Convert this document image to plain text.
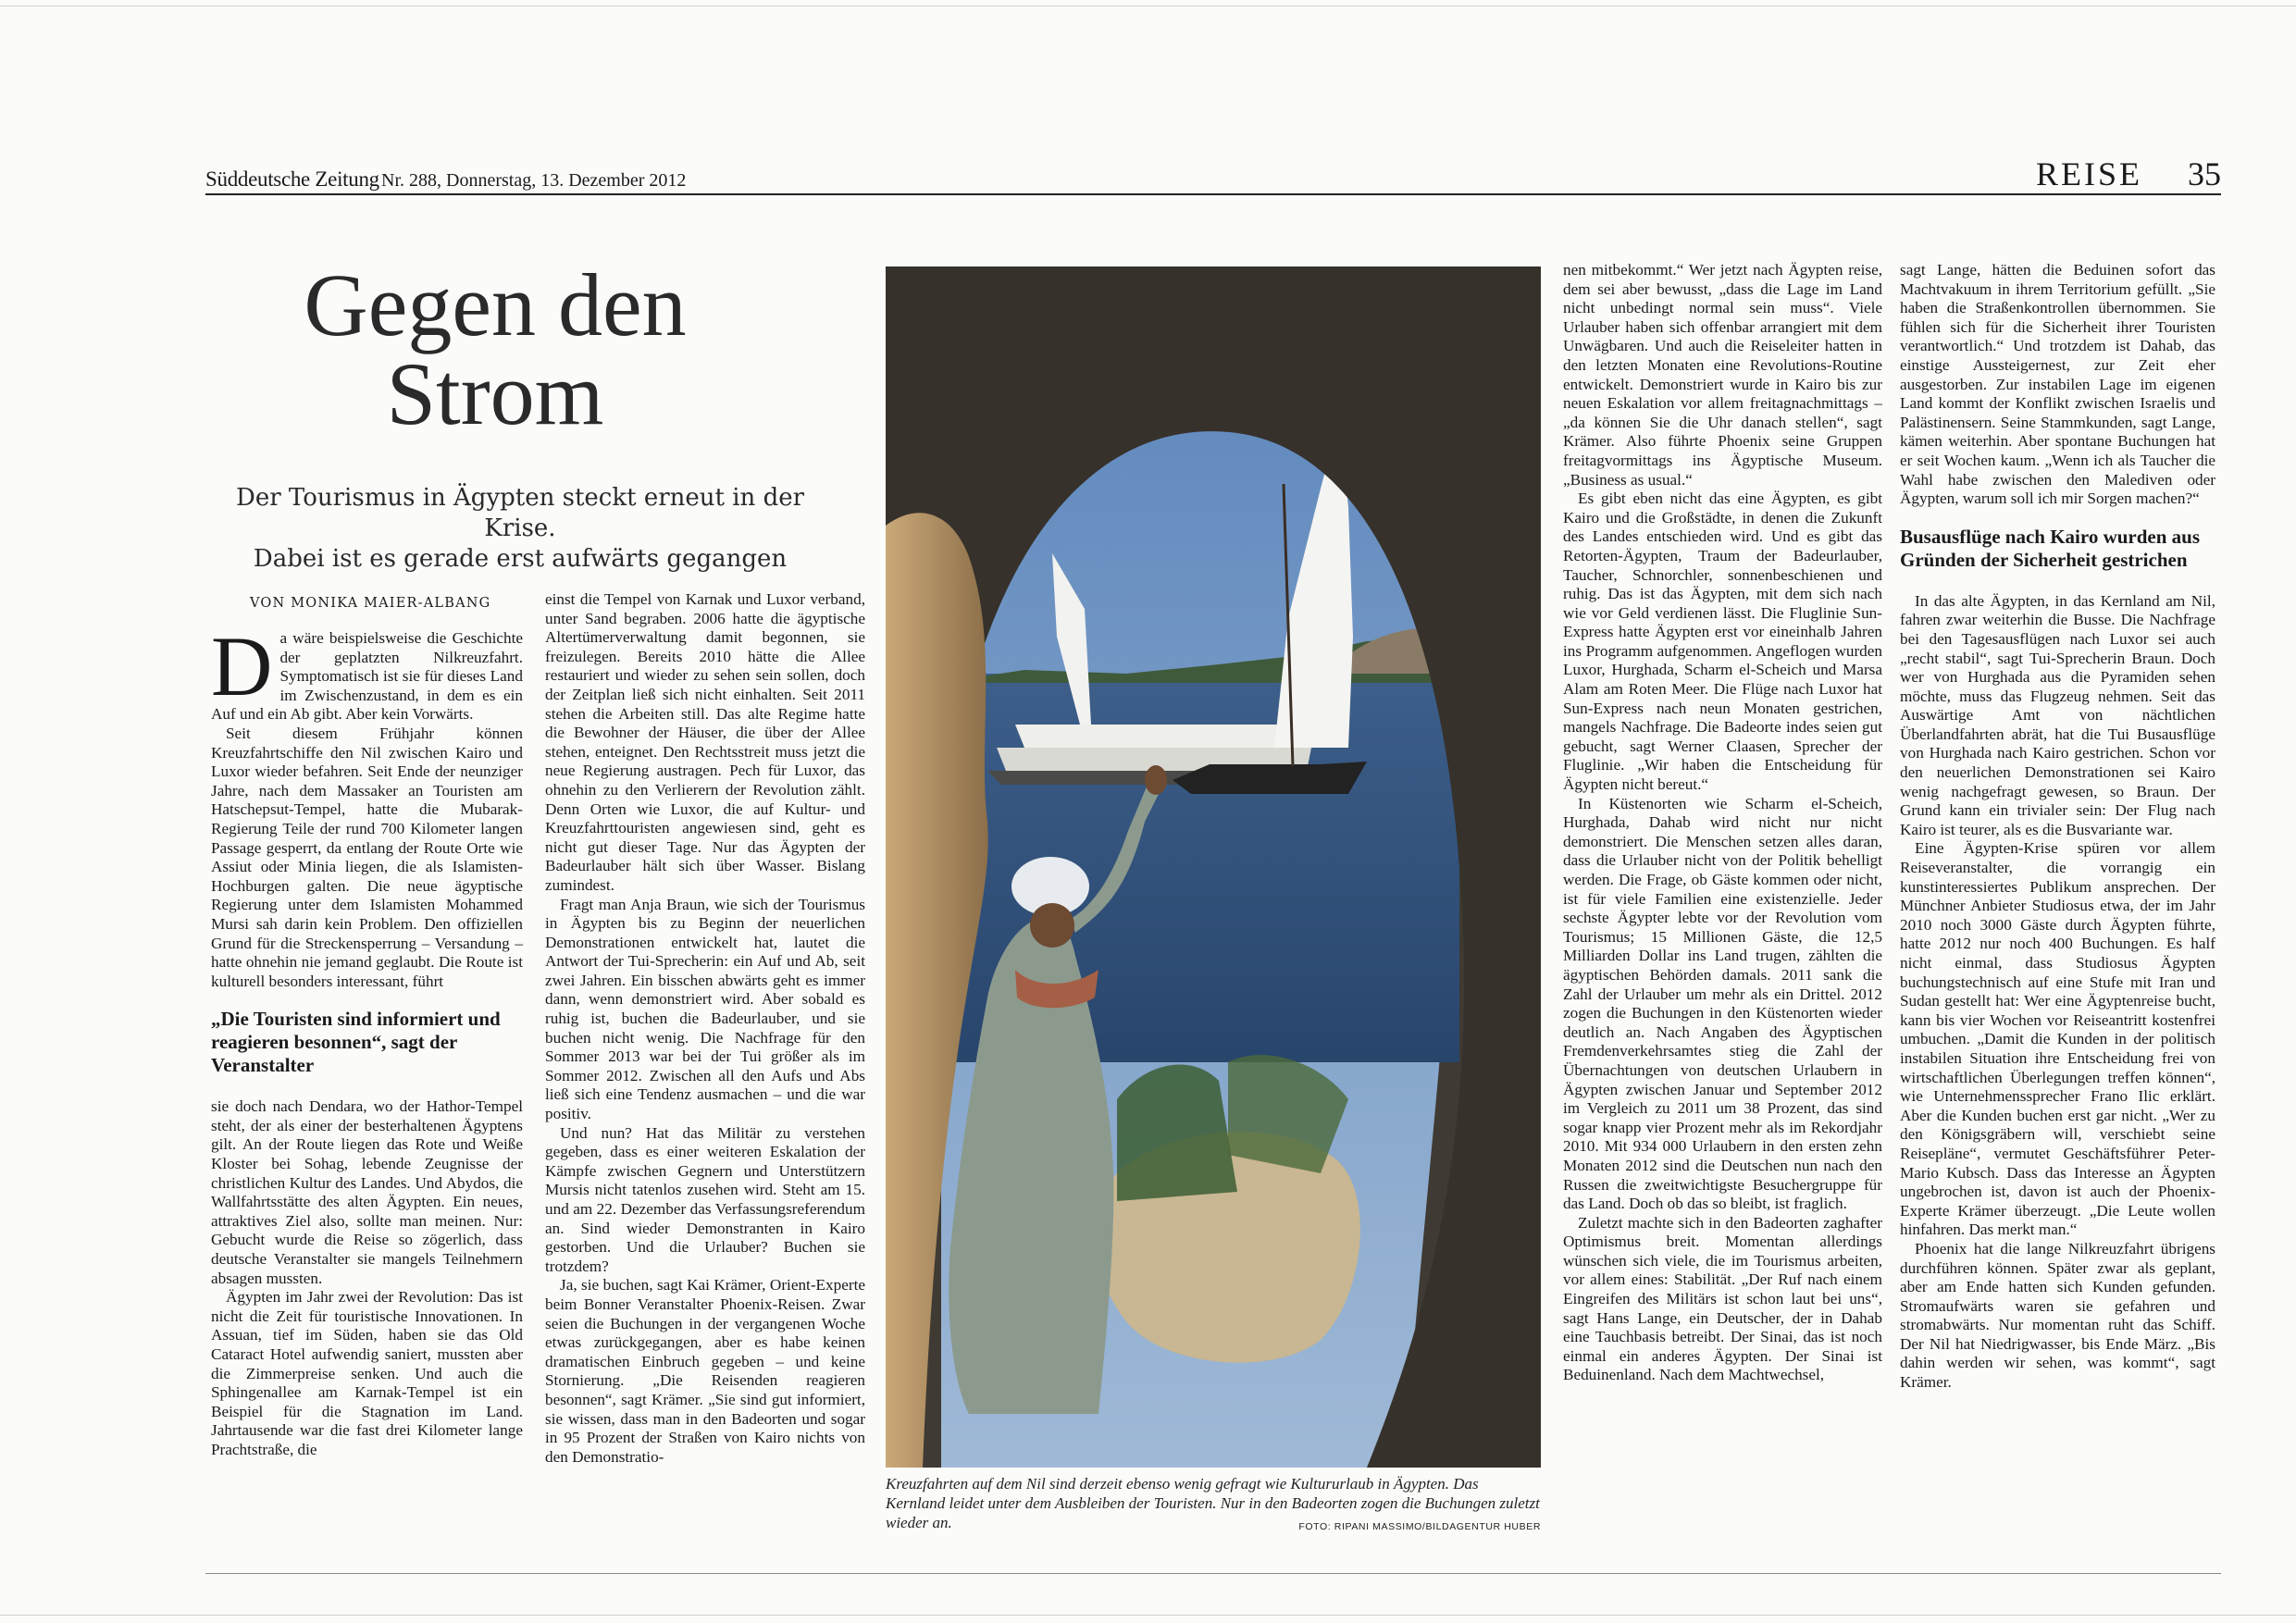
Süddeutsche Zeitung Nr. 288, Donnerstag, 13. Dezember 2012	REISE 35
Gegen den
Strom
Der Tourismus in Ägypten steckt erneut in der Krise.
Dabei ist es gerade erst aufwärts gegangen
VON MONIKA MAIER-ALBANG
D a wäre beispielsweise die Geschichte der geplatzten Nilkreuzfahrt. Symptomatisch ist sie für dieses Land im Zwischenzustand, in dem es ein Auf und ein Ab gibt. Aber kein Vorwärts.

Seit diesem Frühjahr können Kreuzfahrtschiffe den Nil zwischen Kairo und Luxor wieder befahren. Seit Ende der neunziger Jahre, nach dem Massaker an Touristen am Hatschepsut-Tempel, hatte die Mubarak-Regierung Teile der rund 700 Kilometer langen Passage gesperrt, da entlang der Route Orte wie Assiut oder Minia liegen, die als Islamisten-Hochburgen galten. Die neue ägyptische Regierung unter dem Islamisten Mohammed Mursi sah darin kein Problem. Den offiziellen Grund für die Streckensperrung – Versandung – hatte ohnehin nie jemand geglaubt. Die Route ist kulturell besonders interessant, führt

„Die Touristen sind informiert und reagieren besonnen“, sagt der Veranstalter

sie doch nach Dendara, wo der Hathor-Tempel steht, der als einer der besterhaltenen Ägyptens gilt. An der Route liegen das Rote und Weiße Kloster bei Sohag, lebende Zeugnisse der christlichen Kultur des Landes. Und Abydos, die Wallfahrtsstätte des alten Ägypten. Ein neues, attraktives Ziel also, sollte man meinen. Nur: Gebucht wurde die Reise so zögerlich, dass deutsche Veranstalter sie mangels Teilnehmern absagen mussten.

Ägypten im Jahr zwei der Revolution: Das ist nicht die Zeit für touristische Innovationen. In Assuan, tief im Süden, haben sie das Old Cataract Hotel aufwendig saniert, mussten aber die Zimmerpreise senken. Und auch die Sphingenallee am Karnak-Tempel ist ein Beispiel für die Stagnation im Land. Jahrtausende war die fast drei Kilometer lange Prachtstraße, die

einst die Tempel von Karnak und Luxor verband, unter Sand begraben. 2006 hatte die ägyptische Altertümerverwaltung damit begonnen, sie freizulegen. Bereits 2010 hätte die Allee restauriert und wieder zu sehen sein sollen, doch der Zeitplan ließ sich nicht einhalten. Seit 2011 stehen die Arbeiten still. Das alte Regime hatte die Bewohner der Häuser, die über der Allee stehen, enteignet. Den Rechtsstreit muss jetzt die neue Regierung austragen. Pech für Luxor, das ohnehin zu den Verlierern der Revolution zählt. Denn Orten wie Luxor, die auf Kultur- und Kreuzfahrttouristen angewiesen sind, geht es nicht gut dieser Tage. Nur das Ägypten der Badeurlauber hält sich über Wasser. Bislang zumindest.

Fragt man Anja Braun, wie sich der Tourismus in Ägypten bis zu Beginn der neuerlichen Demonstrationen entwickelt hat, lautet die Antwort der Tui-Sprecherin: ein Auf und Ab, seit zwei Jahren. Ein bisschen abwärts geht es immer dann, wenn demonstriert wird. Aber sobald es ruhig ist, buchen die Badeurlauber, und sie buchen nicht wenig. Die Nachfrage für den Sommer 2013 war bei der Tui größer als im Sommer 2012. Zwischen all den Aufs und Abs ließ sich eine Tendenz ausmachen – und die war positiv.

Und nun? Hat das Militär zu verstehen gegeben, dass es einer weiteren Eskalation der Kämpfe zwischen Gegnern und Unterstützern Mursis nicht tatenlos zusehen wird. Steht am 15. und am 22. Dezember das Verfassungsreferendum an. Sind wieder Demonstranten in Kairo gestorben. Und die Urlauber? Buchen sie trotzdem?

Ja, sie buchen, sagt Kai Krämer, Orient-Experte beim Bonner Veranstalter Phoenix-Reisen. Zwar seien die Buchungen in der vergangenen Woche etwas zurückgegangen, aber es habe keinen dramatischen Einbruch gegeben – und keine Stornierung. „Die Reisenden reagieren besonnen“, sagt Krämer. „Sie sind gut informiert, sie wissen, dass man in den Badeorten und sogar in 95 Prozent der Straßen von Kairo nichts von den Demonstratio-

Kreuzfahrten auf dem Nil sind derzeit ebenso wenig gefragt wie Kultururlaub in Ägypten. Das Kernland leidet unter dem Ausbleiben der Touristen. Nur in den Badeorten zogen die Buchungen zuletzt wieder an.	FOTO: RIPANI MASSIMO/BILDAGENTUR HUBER

nen mitbekommt.“ Wer jetzt nach Ägypten reise, dem sei aber bewusst, „dass die Lage im Land nicht unbedingt normal sein muss“. Viele Urlauber haben sich offenbar arrangiert mit dem Unwägbaren. Und auch die Reiseleiter hatten in den letzten Monaten eine Revolutions-Routine entwickelt. Demonstriert wurde in Kairo bis zur neuen Eskalation vor allem freitagnachmittags – „da können Sie die Uhr danach stellen“, sagt Krämer. Also führte Phoenix seine Gruppen freitagvormittags ins Ägyptische Museum. „Business as usual.“

Es gibt eben nicht das eine Ägypten, es gibt Kairo und die Großstädte, in denen die Zukunft des Landes entschieden wird. Und es gibt das Retorten-Ägypten, Traum der Badeurlauber, Taucher, Schnorchler, sonnenbeschienen und ruhig. Das ist das Ägypten, mit dem sich nach wie vor Geld verdienen lässt. Die Fluglinie Sun-Express hatte Ägypten erst vor eineinhalb Jahren ins Programm aufgenommen. Angeflogen wurden Luxor, Hurghada, Scharm el-Scheich und Marsa Alam am Roten Meer. Die Flüge nach Luxor hat Sun-Express nach neun Monaten gestrichen, mangels Nachfrage. Die Badeorte indes seien gut gebucht, sagt Werner Claasen, Sprecher der Fluglinie. „Wir haben die Entscheidung für Ägypten nicht bereut.“

In Küstenorten wie Scharm el-Scheich, Hurghada, Dahab wird nicht nur nicht demonstriert. Die Menschen setzen alles daran, dass die Urlauber nicht von der Politik behelligt werden. Die Frage, ob Gäste kommen oder nicht, ist für viele Familien eine existenzielle. Jeder sechste Ägypter lebte vor der Revolution vom Tourismus; 15 Millionen Gäste, die 12,5 Milliarden Dollar ins Land trugen, zählten die ägyptischen Behörden damals. 2011 sank die Zahl der Urlauber um mehr als ein Drittel. 2012 zogen die Buchungen in den Küstenorten wieder deutlich an. Nach Angaben des Ägyptischen Fremdenverkehrsamtes stieg die Zahl der Übernachtungen von deutschen Urlaubern in Ägypten zwischen Januar und September 2012 im Vergleich zu 2011 um 38 Prozent, das sind sogar knapp vier Prozent mehr als im Rekordjahr 2010. Mit 934 000 Urlaubern in den ersten zehn Monaten 2012 sind die Deutschen nun nach den Russen die zweitwichtigste Besuchergruppe für das Land. Doch ob das so bleibt, ist fraglich.

Zuletzt machte sich in den Badeorten zaghafter Optimismus breit. Momentan allerdings wünschen sich viele, die im Tourismus arbeiten, vor allem eines: Stabilität. „Der Ruf nach einem Eingreifen des Militärs ist schon laut bei uns“, sagt Hans Lange, ein Deutscher, der in Dahab eine Tauchbasis betreibt. Der Sinai, das ist noch einmal ein anderes Ägypten. Der Sinai ist Beduinenland. Nach dem Machtwechsel,

sagt Lange, hätten die Beduinen sofort das Machtvakuum in ihrem Territorium gefüllt. „Sie haben die Straßenkontrollen übernommen. Sie fühlen sich für die Sicherheit ihrer Touristen verantwortlich.“ Und trotzdem ist Dahab, das einstige Aussteigernest, zur Zeit eher ausgestorben. Zur instabilen Lage im eigenen Land kommt der Konflikt zwischen Israelis und Palästinensern. Seine Stammkunden, sagt Lange, kämen weiterhin. Aber spontane Buchungen hat er seit Wochen kaum. „Wenn ich als Taucher die Wahl habe zwischen den Malediven oder Ägypten, warum soll ich mir Sorgen machen?“

Busausflüge nach Kairo wurden aus Gründen der Sicherheit gestrichen

In das alte Ägypten, in das Kernland am Nil, fahren zwar weiterhin die Busse. Die Nachfrage bei den Tagesausflügen nach Luxor sei auch „recht stabil“, sagt Tui-Sprecherin Braun. Doch wer von Hurghada aus die Pyramiden sehen möchte, muss das Flugzeug nehmen. Seit das Auswärtige Amt von nächtlichen Überlandfahrten abrät, hat die Tui Busausflüge von Hurghada nach Kairo gestrichen. Schon vor den neuerlichen Demonstrationen sei Kairo wenig nachgefragt gewesen, so Braun. Der Grund kann ein trivialer sein: Der Flug nach Kairo ist teurer, als es die Busvariante war.

Eine Ägypten-Krise spüren vor allem Reiseveranstalter, die vorrangig ein kunstinteressiertes Publikum ansprechen. Der Münchner Anbieter Studiosus etwa, der im Jahr 2010 noch 3000 Gäste durch Ägypten führte, hatte 2012 nur noch 400 Buchungen. Es half nicht einmal, dass Studiosus Ägypten buchungstechnisch auf eine Stufe mit Iran und Sudan gestellt hat: Wer eine Ägyptenreise bucht, kann bis vier Wochen vor Reiseantritt kostenfrei umbuchen. „Damit die Kunden in der politisch instabilen Situation ihre Entscheidung frei von wirtschaftlichen Überlegungen treffen können“, wie Unternehmenssprecher Frano Ilic erklärt. Aber die Kunden buchen erst gar nicht. „Wer zu den Königsgräbern will, verschiebt seine Reisepläne“, vermutet Geschäftsführer Peter-Mario Kubsch. Dass das Interesse an Ägypten ungebrochen ist, davon ist auch der Phoenix-Experte Krämer überzeugt. „Die Leute wollen hinfahren. Das merkt man.“

Phoenix hat die lange Nilkreuzfahrt übrigens durchführen können. Später zwar als geplant, aber am Ende hatten sich Kunden gefunden. Stromaufwärts waren sie gefahren und stromabwärts. Nur momentan ruht das Schiff. Der Nil hat Niedrigwasser, bis Ende März. „Bis dahin werden wir sehen, was kommt“, sagt Krämer.
